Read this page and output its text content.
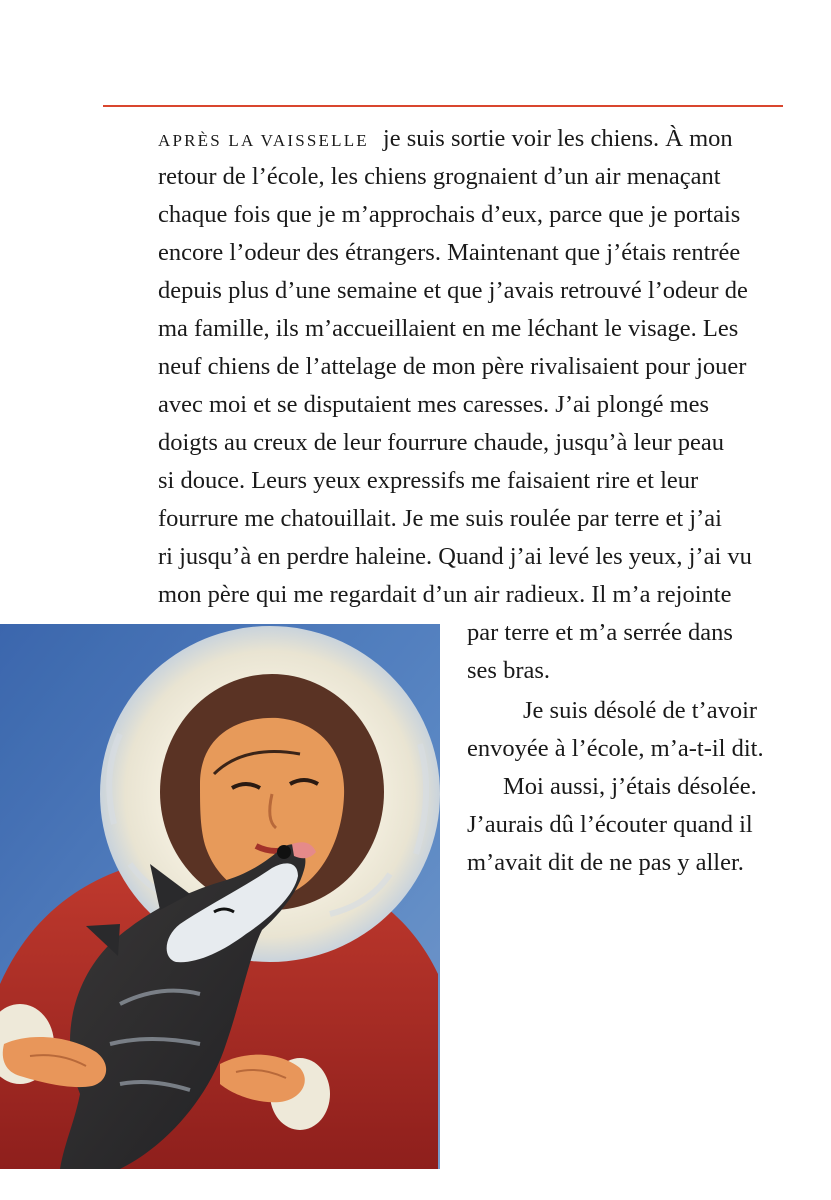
APRÈS LA VAISSELLE je suis sortie voir les chiens. À mon
retour de l’école, les chiens grognaient d’un air menaçant
chaque fois que je m’approchais d’eux, parce que je portais
encore l’odeur des étrangers. Maintenant que j’étais rentrée
depuis plus d’une semaine et que j’avais retrouvé l’odeur de
ma famille, ils m’accueillaient en me léchant le visage. Les
neuf chiens de l’attelage de mon père rivalisaient pour jouer
avec moi et se disputaient mes caresses. J’ai plongé mes
doigts au creux de leur fourrure chaude, jusqu’à leur peau
si douce. Leurs yeux expressifs me faisaient rire et leur
fourrure me chatouillait. Je me suis roulée par terre et j’ai
ri jusqu’à en perdre haleine. Quand j’ai levé les yeux, j’ai vu
mon père qui me regardait d’un air radieux. Il m’a rejointe
par terre et m’a serrée dans
ses bras.
Je suis désolé de t’avoir
envoyée à l’école, m’a-t-il dit.
Moi aussi, j’étais désolée.
J’aurais dû l’écouter quand il
m’avait dit de ne pas y aller.
